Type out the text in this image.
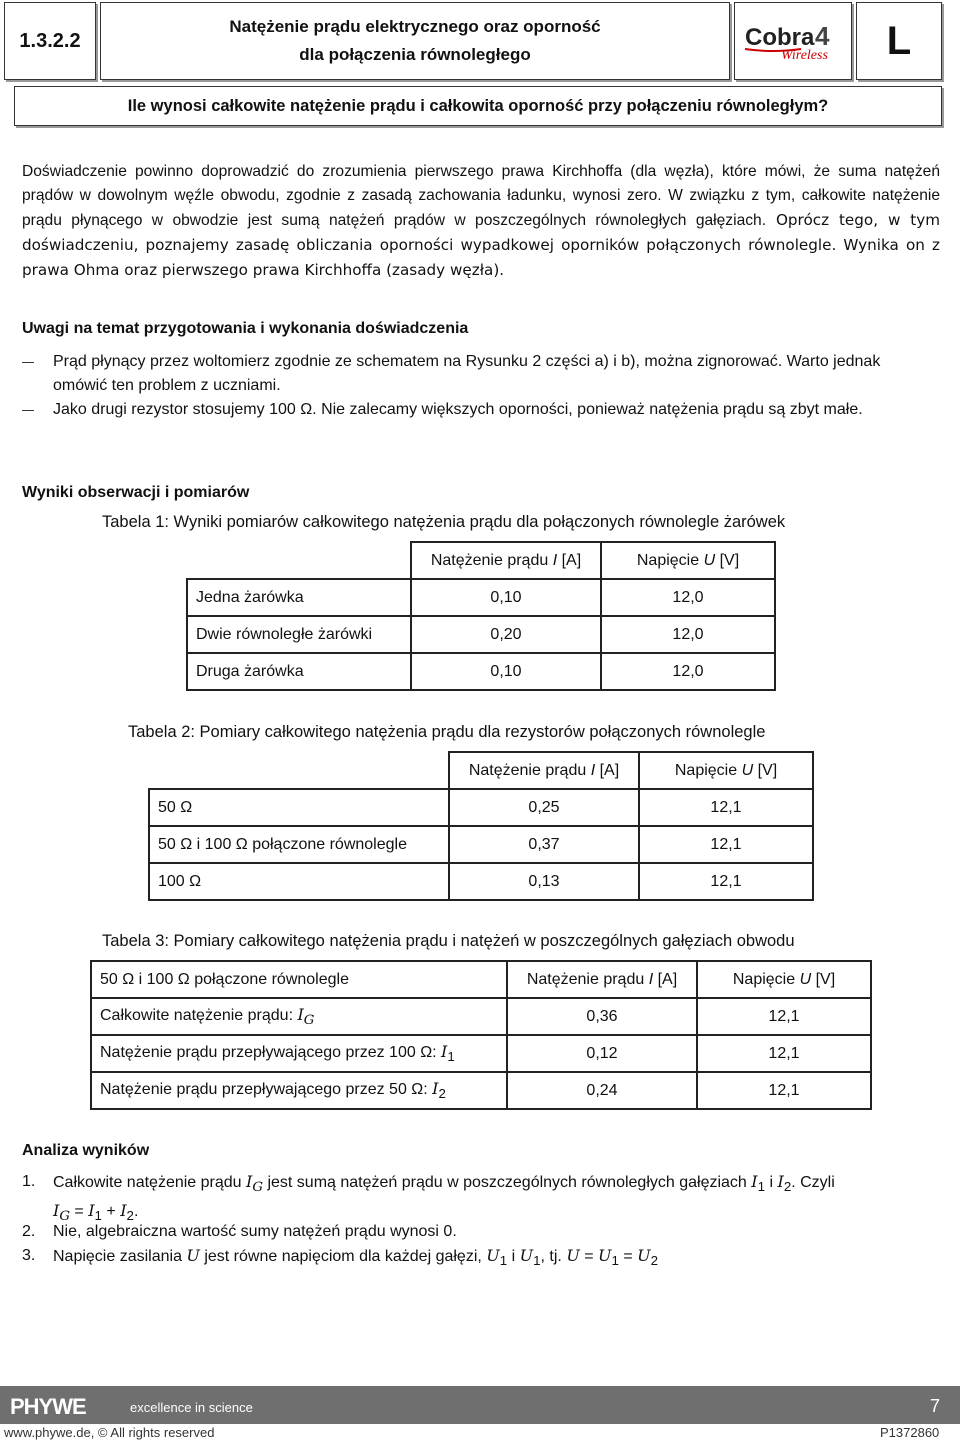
1.3.2.2
Natężenie prądu elektrycznego oraz oporność
dla połączenia równoległego
Cobra 4
Wireless	L
Ile wynosi całkowite natężenie prądu i całkowita oporność przy połączeniu równoległym?
Doświadczenie powinno doprowadzić do zrozumienia pierwszego prawa Kirchhoffa (dla węzła), które mówi, że suma natężeń prądów w dowolnym węźle obwodu, zgodnie z zasadą zachowania ładunku, wynosi zero. W związku z tym, całkowite natężenie prądu płynącego w obwodzie jest sumą natężeń prądów w poszczególnych równoległych gałęziach. Oprócz tego, w tym doświadczeniu, poznajemy zasadę obliczania oporności wypadkowej oporników połączonych równolegle. Wynika on z prawa Ohma oraz pierwszego prawa Kirchhoffa (zasady węzła).
Uwagi na temat przygotowania i wykonania doświadczenia
Prąd płynący przez woltomierz zgodnie ze schematem na Rysunku 2 części a) i b), można zignorować. Warto jednak omówić ten problem z uczniami.
Jako drugi rezystor stosujemy 100 Ω. Nie zalecamy większych oporności, ponieważ natężenia prądu są zbyt małe.
Wyniki obserwacji i pomiarów
Tabela 1: Wyniki pomiarów całkowitego natężenia prądu dla połączonych równolegle żarówek
	Natężenie prądu I [A]	Napięcie U [V]
Jedna żarówka	0,10	12,0
Dwie równoległe żarówki	0,20	12,0
Druga żarówka	0,10	12,0
Tabela 2: Pomiary całkowitego natężenia prądu dla rezystorów połączonych równolegle
	Natężenie prądu I [A]	Napięcie U [V]
50 Ω	0,25	12,1
50 Ω i 100 Ω połączone równolegle	0,37	12,1
100 Ω	0,13	12,1
Tabela 3: Pomiary całkowitego natężenia prądu i natężeń w poszczególnych gałęziach obwodu
50 Ω i 100 Ω połączone równolegle	Natężenie prądu I [A]	Napięcie U [V]
Całkowite natężenie prądu: $I_G$	0,36	12,1
Natężenie prądu przepływającego przez 100 Ω: $I_1$	0,12	12,1
Natężenie prądu przepływającego przez 50 Ω: $I_2$	0,24	12,1
Analiza wyników
1. Całkowite natężenie prądu $I_G$ jest sumą natężeń prądu w poszczególnych równoległych gałęziach $I_1$ i $I_2$. Czyli
$I_G = I_1 + I_2$.
2. Nie, algebraiczna wartość sumy natężeń prądu wynosi 0.
3. Napięcie zasilania U jest równe napięciom dla każdej gałęzi, $U_1$ i $U_1$, tj. $U = U_1 = U_2$
PHYWE	excellence in science	7
www.phywe.de, © All rights reserved	P1372860
